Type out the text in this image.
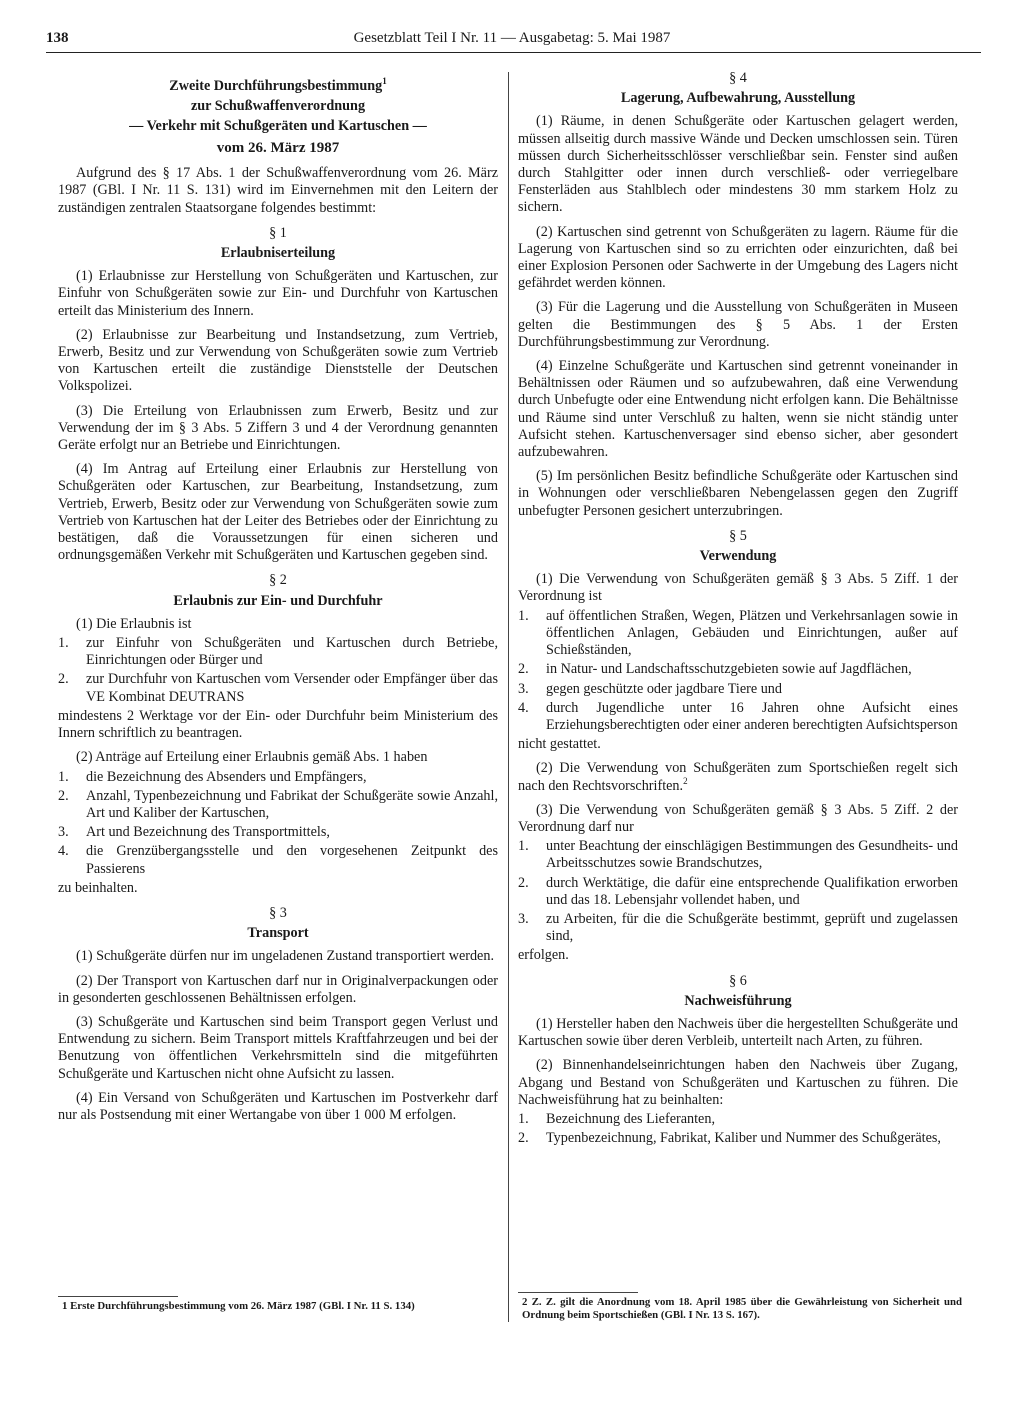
138	Gesetzblatt Teil I Nr. 11 — Ausgabetag: 5. Mai 1987
Zweite Durchführungsbestimmung$^1$
zur Schußwaffenverordnung
— Verkehr mit Schußgeräten und Kartuschen —
vom 26. März 1987

Aufgrund des § 17 Abs. 1 der Schußwaffenverordnung vom 26. März 1987 (GBl. I Nr. 11 S. 131) wird im Einvernehmen mit den Leitern der zuständigen zentralen Staatsorgane folgendes bestimmt:

§ 1
Erlaubniserteilung

(1) Erlaubnisse zur Herstellung von Schußgeräten und Kartuschen, zur Einfuhr von Schußgeräten sowie zur Ein- und Durchfuhr von Kartuschen erteilt das Ministerium des Innern.

(2) Erlaubnisse zur Bearbeitung und Instandsetzung, zum Vertrieb, Erwerb, Besitz und zur Verwendung von Schußgeräten sowie zum Vertrieb von Kartuschen erteilt die zuständige Dienststelle der Deutschen Volkspolizei.

(3) Die Erteilung von Erlaubnissen zum Erwerb, Besitz und zur Verwendung der im § 3 Abs. 5 Ziffern 3 und 4 der Verordnung genannten Geräte erfolgt nur an Betriebe und Einrichtungen.

(4) Im Antrag auf Erteilung einer Erlaubnis zur Herstellung von Schußgeräten oder Kartuschen, zur Bearbeitung, Instandsetzung, zum Vertrieb, Erwerb, Besitz oder zur Verwendung von Schußgeräten sowie zum Vertrieb von Kartuschen hat der Leiter des Betriebes oder der Einrichtung zu bestätigen, daß die Voraussetzungen für einen sicheren und ordnungsgemäßen Verkehr mit Schußgeräten und Kartuschen gegeben sind.

§ 2
Erlaubnis zur Ein- und Durchfuhr

(1) Die Erlaubnis ist

1.	zur Einfuhr von Schußgeräten und Kartuschen durch Betriebe, Einrichtungen oder Bürger und
2.	zur Durchfuhr von Kartuschen vom Versender oder Empfänger über das VE Kombinat DEUTRANS

mindestens 2 Werktage vor der Ein- oder Durchfuhr beim Ministerium des Innern schriftlich zu beantragen.

(2) Anträge auf Erteilung einer Erlaubnis gemäß Abs. 1 haben

1.	die Bezeichnung des Absenders und Empfängers,
2.	Anzahl, Typenbezeichnung und Fabrikat der Schußgeräte sowie Anzahl, Art und Kaliber der Kartuschen,
3.	Art und Bezeichnung des Transportmittels,
4.	die Grenzübergangsstelle und den vorgesehenen Zeitpunkt des Passierens

zu beinhalten.

§ 3
Transport

(1) Schußgeräte dürfen nur im ungeladenen Zustand transportiert werden.

(2) Der Transport von Kartuschen darf nur in Originalverpackungen oder in gesonderten geschlossenen Behältnissen erfolgen.

(3) Schußgeräte und Kartuschen sind beim Transport gegen Verlust und Entwendung zu sichern. Beim Transport mittels Kraftfahrzeugen und bei der Benutzung von öffentlichen Verkehrsmitteln sind die mitgeführten Schußgeräte und Kartuschen nicht ohne Aufsicht zu lassen.

(4) Ein Versand von Schußgeräten und Kartuschen im Postverkehr darf nur als Postsendung mit einer Wertangabe von über 1 000 M erfolgen.

§ 4
Lagerung, Aufbewahrung, Ausstellung

(1) Räume, in denen Schußgeräte oder Kartuschen gelagert werden, müssen allseitig durch massive Wände und Decken umschlossen sein. Türen müssen durch Sicherheitsschlösser verschließbar sein. Fenster sind außen durch Stahlgitter oder innen durch verschließ- oder verriegelbare Fensterläden aus Stahlblech oder mindestens 30 mm starkem Holz zu sichern.

(2) Kartuschen sind getrennt von Schußgeräten zu lagern. Räume für die Lagerung von Kartuschen sind so zu errichten oder einzurichten, daß bei einer Explosion Personen oder Sachwerte in der Umgebung des Lagers nicht gefährdet werden können.

(3) Für die Lagerung und die Ausstellung von Schußgeräten in Museen gelten die Bestimmungen des § 5 Abs. 1 der Ersten Durchführungsbestimmung zur Verordnung.

(4) Einzelne Schußgeräte und Kartuschen sind getrennt voneinander in Behältnissen oder Räumen und so aufzubewahren, daß eine Verwendung durch Unbefugte oder eine Entwendung nicht erfolgen kann. Die Behältnisse und Räume sind unter Verschluß zu halten, wenn sie nicht ständig unter Aufsicht stehen. Kartuschenversager sind ebenso sicher, aber gesondert aufzubewahren.

(5) Im persönlichen Besitz befindliche Schußgeräte oder Kartuschen sind in Wohnungen oder verschließbaren Nebengelassen gegen den Zugriff unbefugter Personen gesichert unterzubringen.

§ 5
Verwendung

(1) Die Verwendung von Schußgeräten gemäß § 3 Abs. 5 Ziff. 1 der Verordnung ist

1.	auf öffentlichen Straßen, Wegen, Plätzen und Verkehrsanlagen sowie in öffentlichen Anlagen, Gebäuden und Einrichtungen, außer auf Schießständen,
2.	in Natur- und Landschaftsschutzgebieten sowie auf Jagdflächen,
3.	gegen geschützte oder jagdbare Tiere und
4.	durch Jugendliche unter 16 Jahren ohne Aufsicht eines Erziehungsberechtigten oder einer anderen berechtigten Aufsichtsperson

nicht gestattet.

(2) Die Verwendung von Schußgeräten zum Sportschießen regelt sich nach den Rechtsvorschriften.$^2$

(3) Die Verwendung von Schußgeräten gemäß § 3 Abs. 5 Ziff. 2 der Verordnung darf nur

1.	unter Beachtung der einschlägigen Bestimmungen des Gesundheits- und Arbeitsschutzes sowie Brandschutzes,
2.	durch Werktätige, die dafür eine entsprechende Qualifikation erworben und das 18. Lebensjahr vollendet haben, und
3.	zu Arbeiten, für die die Schußgeräte bestimmt, geprüft und zugelassen sind,

erfolgen.

§ 6
Nachweisführung

(1) Hersteller haben den Nachweis über die hergestellten Schußgeräte und Kartuschen sowie über deren Verbleib, unterteilt nach Arten, zu führen.

(2) Binnenhandelseinrichtungen haben den Nachweis über Zugang, Abgang und Bestand von Schußgeräten und Kartuschen zu führen. Die Nachweisführung hat zu beinhalten:

1.	Bezeichnung des Lieferanten,
2.	Typenbezeichnung, Fabrikat, Kaliber und Nummer des Schußgerätes,
1 Erste Durchführungsbestimmung vom 26. März 1987 (GBl. I Nr. 11 S. 134)	2 Z. Z. gilt die Anordnung vom 18. April 1985 über die Gewährleistung von Sicherheit und Ordnung beim Sportschießen (GBl. I Nr. 13 S. 167).
